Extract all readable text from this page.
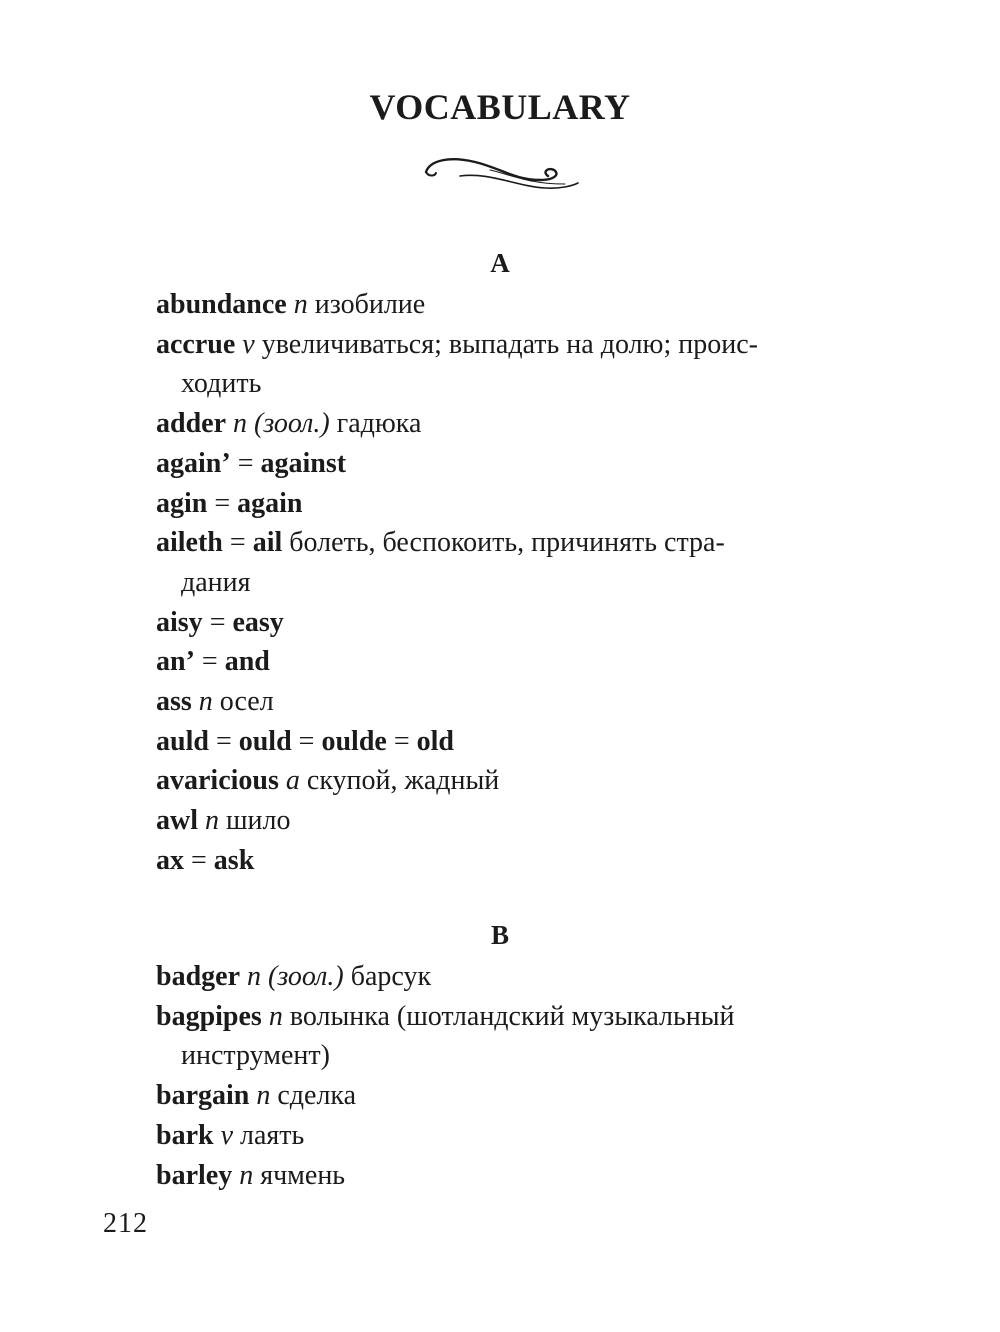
VOCABULARY
A

abundance n изобилие

accrue v увеличиваться; выпадать на долю; проис-
ходить

adder n (зоол.) гадюка

again’ = against

agin = again

aileth = ail болеть, беспокоить, причинять стра-
дания

aisy = easy

an’ = and

ass n осел

auld = ould = oulde = old

avaricious a скупой, жадный

awl n шило

ax = ask

B

badger n (зоол.) барсук

bagpipes n волынка (шотландский музыкальный
инструмент)

bargain n сделка

bark v лаять

barley n ячмень

212
